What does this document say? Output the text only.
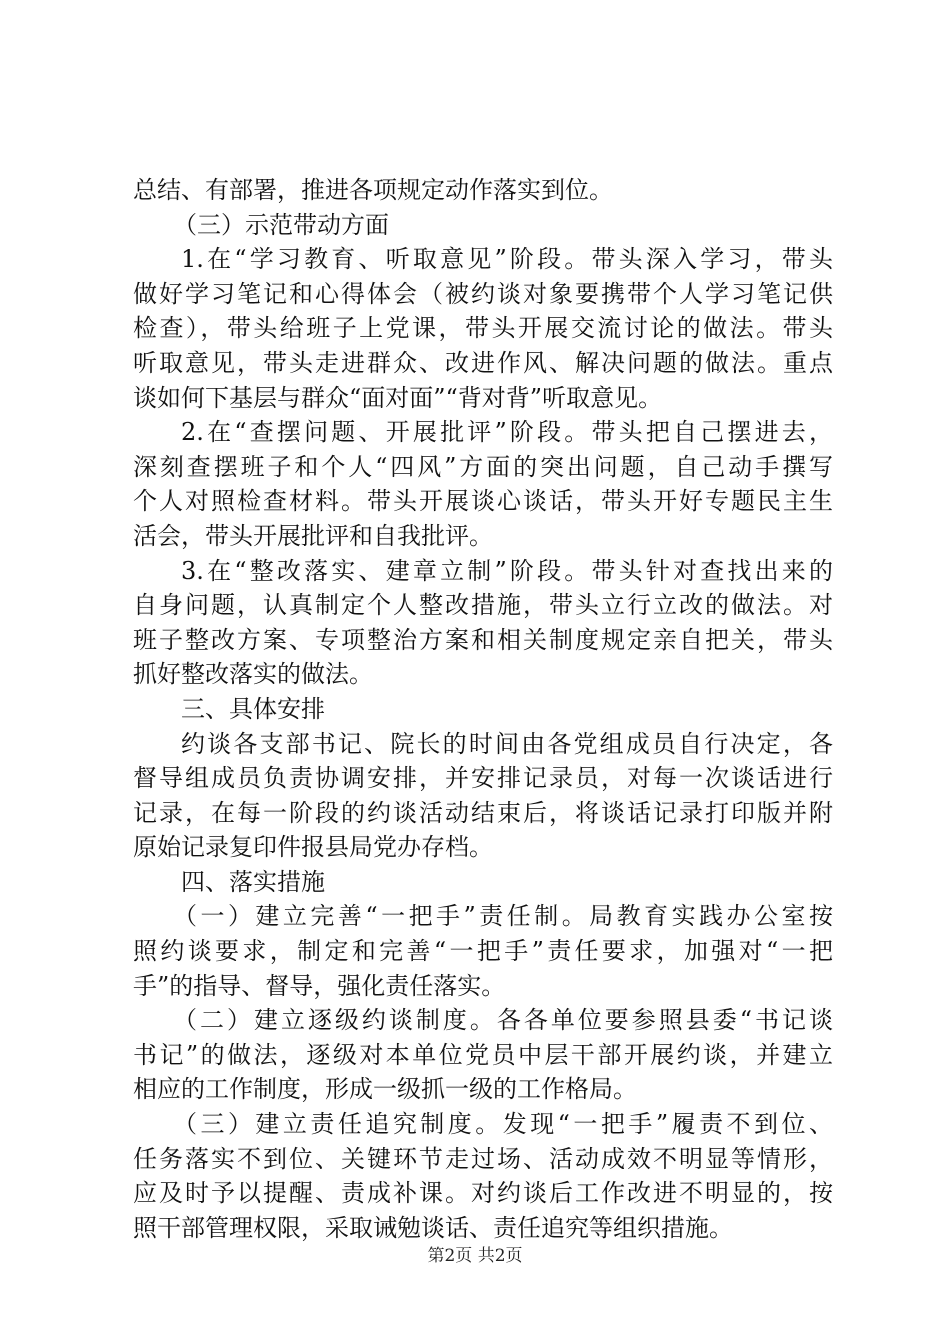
总结、有部署，推进各项规定动作落实到位。
（三）示范带动方面
1.在“学习教育、听取意见”阶段。带头深入学习，带头
做好学习笔记和心得体会（被约谈对象要携带个人学习笔记供
检查），带头给班子上党课，带头开展交流讨论的做法。带头
听取意见，带头走进群众、改进作风、解决问题的做法。重点
谈如何下基层与群众“面对面”“背对背”听取意见。
2.在“查摆问题、开展批评”阶段。带头把自己摆进去，
深刻查摆班子和个人“四风”方面的突出问题，自己动手撰写
个人对照检查材料。带头开展谈心谈话，带头开好专题民主生
活会，带头开展批评和自我批评。
3.在“整改落实、建章立制”阶段。带头针对查找出来的
自身问题，认真制定个人整改措施，带头立行立改的做法。对
班子整改方案、专项整治方案和相关制度规定亲自把关，带头
抓好整改落实的做法。
三、具体安排
约谈各支部书记、院长的时间由各党组成员自行决定，各
督导组成员负责协调安排，并安排记录员，对每一次谈话进行
记录，在每一阶段的约谈活动结束后，将谈话记录打印版并附
原始记录复印件报县局党办存档。
四、落实措施
（一）建立完善“一把手”责任制。局教育实践办公室按
照约谈要求，制定和完善“一把手”责任要求，加强对“一把
手”的指导、督导，强化责任落实。
（二）建立逐级约谈制度。各各单位要参照县委“书记谈
书记”的做法，逐级对本单位党员中层干部开展约谈，并建立
相应的工作制度，形成一级抓一级的工作格局。
（三）建立责任追究制度。发现“一把手”履责不到位、
任务落实不到位、关键环节走过场、活动成效不明显等情形，
应及时予以提醒、责成补课。对约谈后工作改进不明显的，按
照干部管理权限，采取诫勉谈话、责任追究等组织措施。
第2页 共2页
